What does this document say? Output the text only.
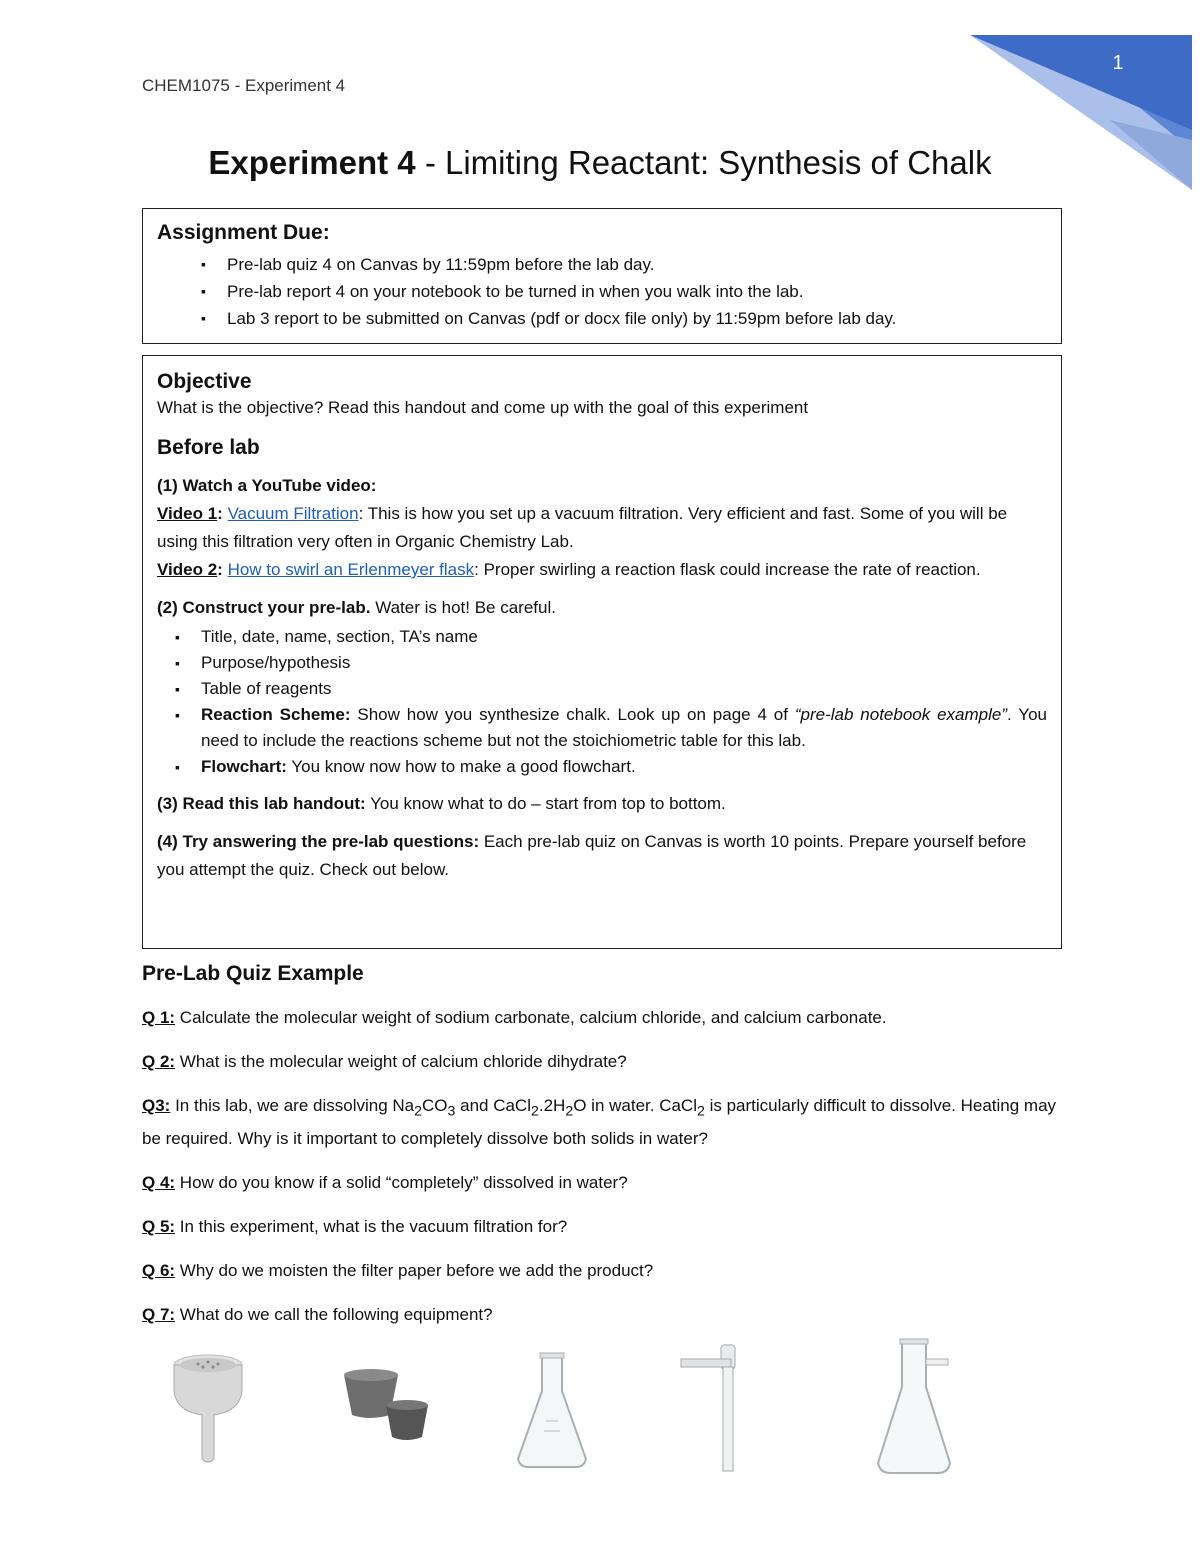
1
CHEM1075 - Experiment 4
Experiment 4 - Limiting Reactant: Synthesis of Chalk
Assignment Due:
▪ Pre-lab quiz 4 on Canvas by 11:59pm before the lab day.
▪ Pre-lab report 4 on your notebook to be turned in when you walk into the lab.
▪ Lab 3 report to be submitted on Canvas (pdf or docx file only) by 11:59pm before lab day.
Objective

What is the objective? Read this handout and come up with the goal of this experiment

Before lab

(1) Watch a YouTube video:

Video 1: Vacuum Filtration: This is how you set up a vacuum filtration. Very efficient and fast. Some of you will be using this filtration very often in Organic Chemistry Lab.

Video 2: How to swirl an Erlenmeyer flask: Proper swirling a reaction flask could increase the rate of reaction.

(2) Construct your pre-lab. Water is hot! Be careful.

▪ Title, date, name, section, TA’s name
▪ Purpose/hypothesis
▪ Table of reagents
▪ Reaction Scheme: Show how you synthesize chalk. Look up on page 4 of “pre-lab notebook example”. You need to include the reactions scheme but not the stoichiometric table for this lab.
▪ Flowchart: You know now how to make a good flowchart.

(3) Read this lab handout: You know what to do – start from top to bottom.

(4) Try answering the pre-lab questions: Each pre-lab quiz on Canvas is worth 10 points. Prepare yourself before you attempt the quiz. Check out below.

Pre-Lab Quiz Example
Q 1: Calculate the molecular weight of sodium carbonate, calcium chloride, and calcium carbonate.
Q 2: What is the molecular weight of calcium chloride dihydrate?
Q3: In this lab, we are dissolving $Na_2CO_3$ and $CaCl_2.2H_2O$ in water. CaCl$_2$ is particularly difficult to dissolve. Heating may be required. Why is it important to completely dissolve both solids in water?
Q 4: How do you know if a solid “completely” dissolved in water?
Q 5: In this experiment, what is the vacuum filtration for?
Q 6: Why do we moisten the filter paper before we add the product?
Q 7: What do we call the following equipment?
